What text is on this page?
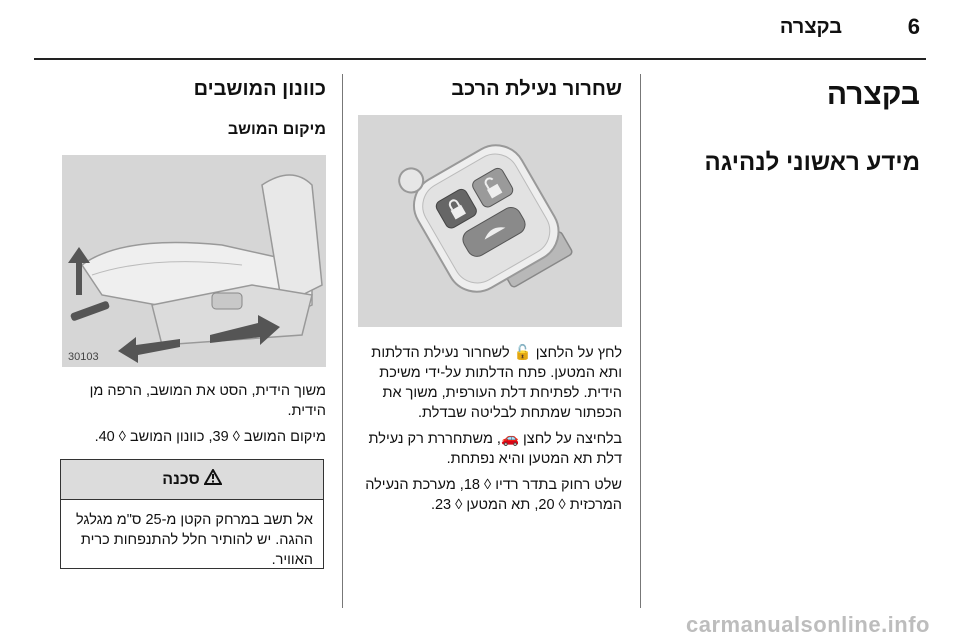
6
בקצרה
בקצרה
מידע ראשוני לנהיגה
שחרור נעילת הרכב

לחץ על הלחצן 🔓 לשחרור נעילת הדלתות ותא המטען. פתח הדלתות על-ידי משיכת הידית. לפתיחת דלת העורפית, משוך את הכפתור שמתחת לבליטה שבדלת.

בלחיצה על לחצן 🚗, משתחררת רק נעילת דלת תא המטען והיא נפתחת.

שלט רחוק בתדר רדיו ◊ 18, מערכת הנעילה המרכזית ◊ 20, תא המטען ◊ 23.

כוונון המושבים
מיקום המושב
30103

משוך הידית, הסט את המושב, הרפה מן הידית.

מיקום המושב ◊ 39, כוונון המושב ◊ 40.

סכנה
אל תשב במרחק הקטן מ-25 ס"מ מגלגל ההגה. יש להותיר חלל להתנפחות כרית האוויר.
carmanualsonline.info
